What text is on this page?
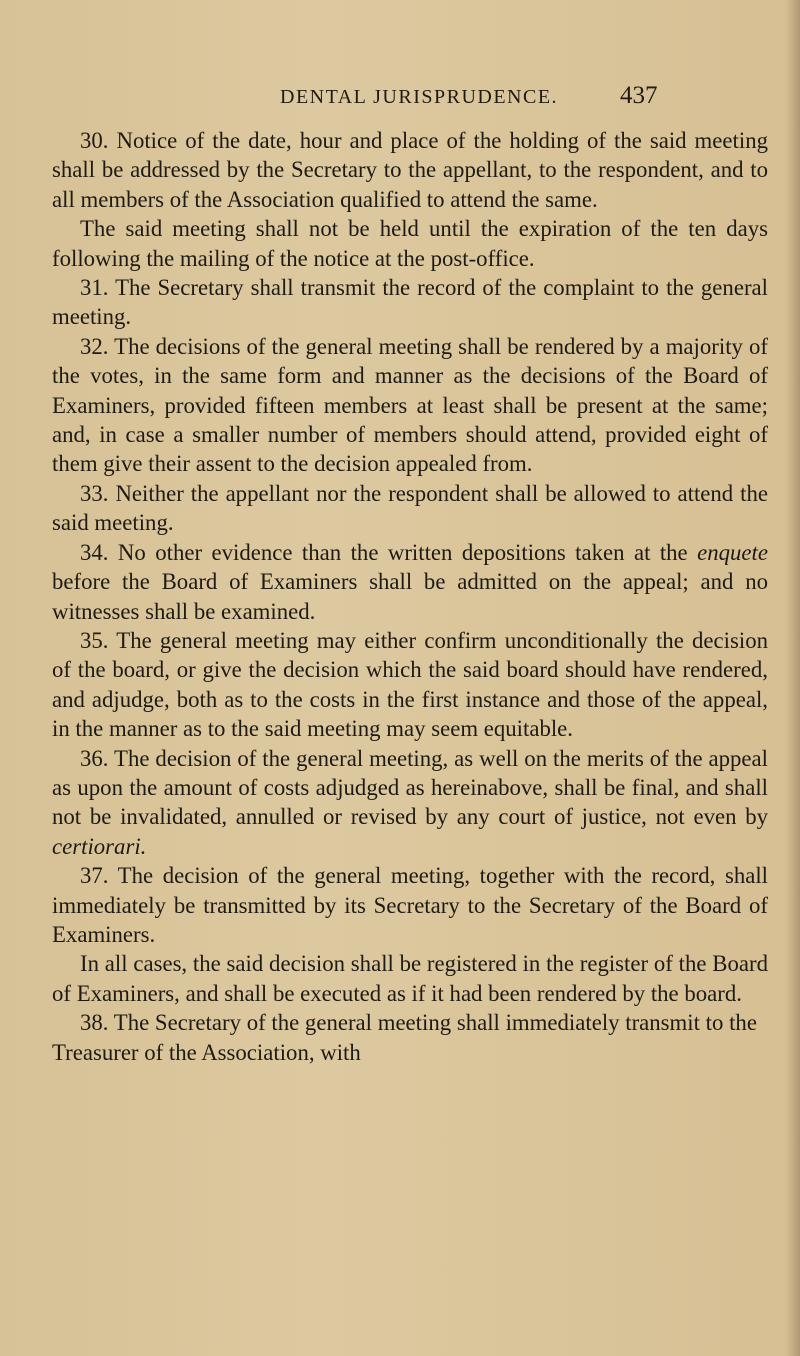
DENTAL JURISPRUDENCE. 437

30. Notice of the date, hour and place of the holding of the said meeting shall be addressed by the Secretary to the appellant, to the respondent, and to all members of the Association qualified to attend the same.

The said meeting shall not be held until the expiration of the ten days following the mailing of the notice at the post-office.

31. The Secretary shall transmit the record of the complaint to the general meeting.

32. The decisions of the general meeting shall be rendered by a majority of the votes, in the same form and manner as the decisions of the Board of Examiners, provided fifteen members at least shall be present at the same; and, in case a smaller number of members should attend, provided eight of them give their assent to the decision appealed from.

33. Neither the appellant nor the respondent shall be allowed to attend the said meeting.

34. No other evidence than the written depositions taken at the enquete before the Board of Examiners shall be admitted on the appeal; and no witnesses shall be examined.

35. The general meeting may either confirm unconditionally the decision of the board, or give the decision which the said board should have rendered, and adjudge, both as to the costs in the first instance and those of the appeal, in the manner as to the said meeting may seem equitable.

36. The decision of the general meeting, as well on the merits of the appeal as upon the amount of costs adjudged as hereinabove, shall be final, and shall not be invalidated, annulled or revised by any court of justice, not even by certiorari.

37. The decision of the general meeting, together with the record, shall immediately be transmitted by its Secretary to the Secretary of the Board of Examiners.

In all cases, the said decision shall be registered in the register of the Board of Examiners, and shall be executed as if it had been rendered by the board.

38. The Secretary of the general meeting shall immediately transmit to the Treasurer of the Association, with
